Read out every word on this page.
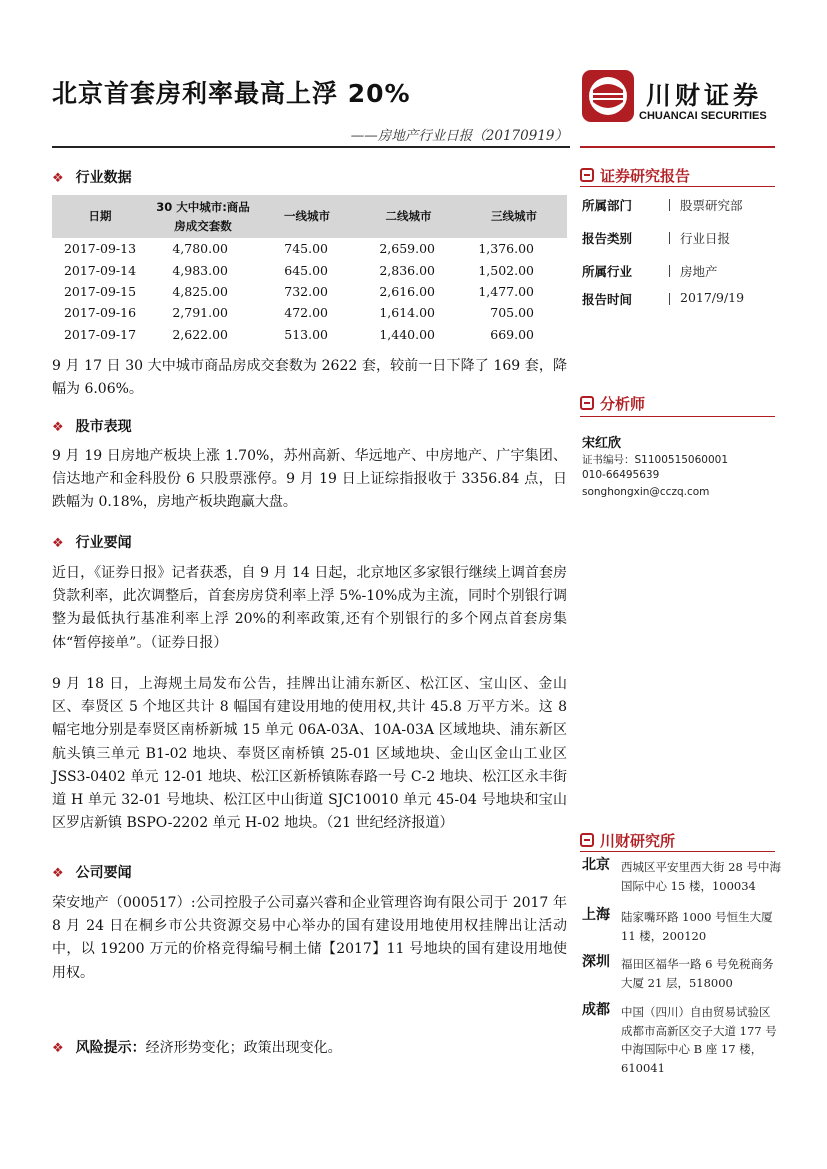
北京首套房利率最高上浮 20%
——房地产行业日报（20170919）
川财证券
CHUANCAI SECURITIES
❖ 行业数据
日期	30 大中城市:商品房成交套数	一线城市	二线城市	三线城市
2017-09-13	4,780.00	745.00	2,659.00	1,376.00
2017-09-14	4,983.00	645.00	2,836.00	1,502.00
2017-09-15	4,825.00	732.00	2,616.00	1,477.00
2017-09-16	2,791.00	472.00	1,614.00	705.00
2017-09-17	2,622.00	513.00	1,440.00	669.00
9 月 17 日 30 大中城市商品房成交套数为 2622 套，较前一日下降了 169 套，降幅为 6.06%。
❖ 股市表现
9 月 19 日房地产板块上涨 1.70%，苏州高新、华远地产、中房地产、广宇集团、信达地产和金科股份 6 只股票涨停。9 月 19 日上证综指报收于 3356.84 点，日跌幅为 0.18%，房地产板块跑赢大盘。
❖ 行业要闻
近日，《证券日报》记者获悉，自 9 月 14 日起，北京地区多家银行继续上调首套房贷款利率，此次调整后，首套房房贷利率上浮 5%-10%成为主流，同时个别银行调整为最低执行基准利率上浮 20%的利率政策,还有个别银行的多个网点首套房集体“暂停接单”。（证券日报）
9 月 18 日，上海规土局发布公告，挂牌出让浦东新区、松江区、宝山区、金山区、奉贤区 5 个地区共计 8 幅国有建设用地的使用权,共计 45.8 万平方米。这 8 幅宅地分别是奉贤区南桥新城 15 单元 06A-03A、10A-03A 区域地块、浦东新区航头镇三单元 B1-02 地块、奉贤区南桥镇 25-01 区域地块、金山区金山工业区 JSS3-0402 单元 12-01 地块、松江区新桥镇陈春路一号 C-2 地块、松江区永丰街道 H 单元 32-01 号地块、松江区中山街道 SJC10010 单元 45-04 号地块和宝山区罗店新镇 BSPO-2202 单元 H-02 地块。（21 世纪经济报道）
❖ 公司要闻
荣安地产（000517）:公司控股子公司嘉兴睿和企业管理咨询有限公司于 2017 年 8 月 24 日在桐乡市公共资源交易中心举办的国有建设用地使用权挂牌出让活动中，以 19200 万元的价格竞得编号桐土储【2017】11 号地块的国有建设用地使用权。
❖ 风险提示：经济形势变化；政策出现变化。
证券研究报告
所属部门	股票研究部
报告类别	行业日报
所属行业	房地产
报告时间	2017/9/19
分析师
宋红欣
证书编号：S1100515060001
010-66495639
songhongxin@cczq.com
川财研究所
北京 西城区平安里西大街 28 号中海国际中心 15 楼，100034
上海 陆家嘴环路 1000 号恒生大厦 11 楼，200120
深圳 福田区福华一路 6 号免税商务大厦 21 层，518000
成都 中国（四川）自由贸易试验区成都市高新区交子大道 177 号中海国际中心 B 座 17 楼，610041
